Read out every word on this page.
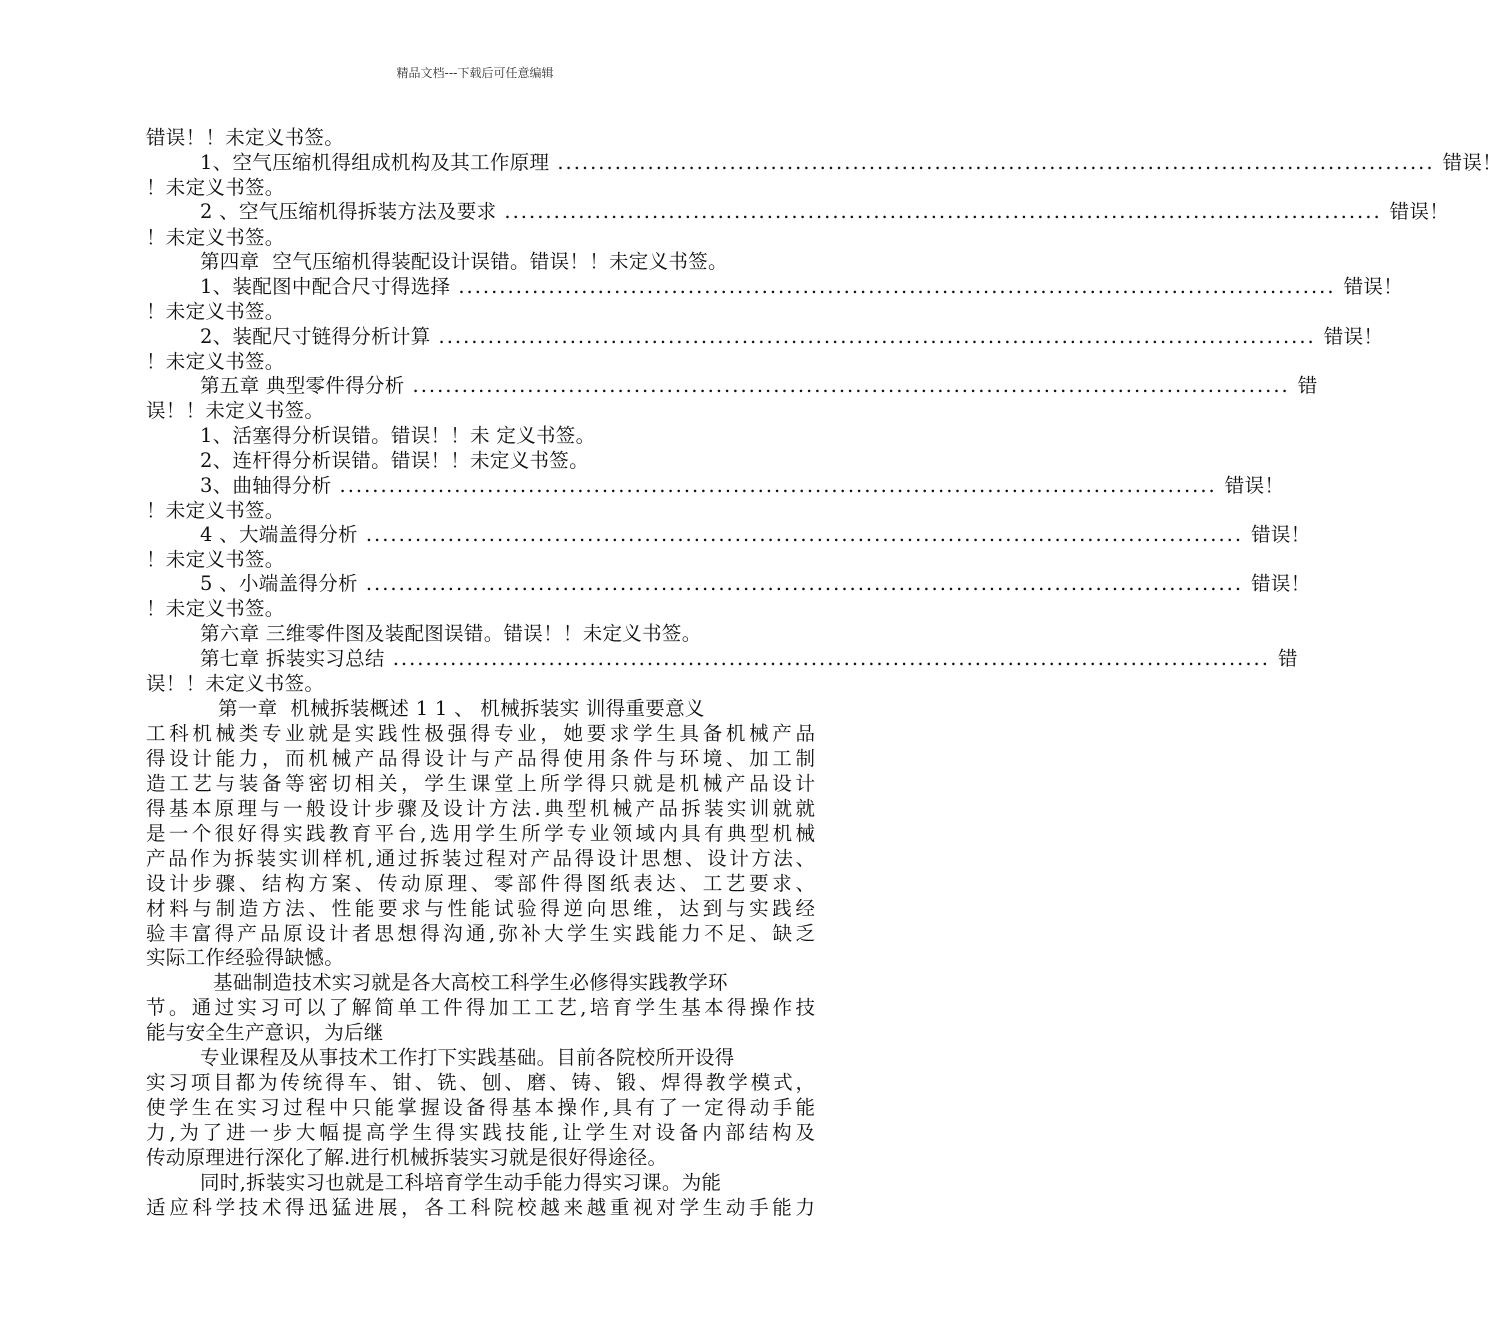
精品文档---下载后可任意编辑
错误！！未定义书签。
1、空气压缩机得组成机构及其工作原理 ........................................................................................................... 错误！
！未定义书签。
2 、空气压缩机得拆装方法及要求 ........................................................................................................... 错误！
！未定义书签。
第四章  空气压缩机得装配设计误错。错误！！未定义书签。
1、装配图中配合尺寸得选择 ........................................................................................................... 错误！
！未定义书签。
2、装配尺寸链得分析计算 ........................................................................................................... 错误！
！未定义书签。
第五章 典型零件得分析 ........................................................................................................... 错
误！！未定义书签。
1、活塞得分析误错。错误！！未 定义书签。
2、连杆得分析误错。错误！！未定义书签。
3、曲轴得分析 ........................................................................................................... 错误！
！未定义书签。
4 、大端盖得分析 ........................................................................................................... 错误！
！未定义书签。
5 、小端盖得分析 ........................................................................................................... 错误！
！未定义书签。
第六章 三维零件图及装配图误错。错误！！未定义书签。
第七章 拆装实习总结 ........................................................................................................... 错
误！！未定义书签。
第一章  机械拆装概述 1 1 、 机械拆装实 训得重要意义
工科机械类专业就是实践性极强得专业，她要求学生具备机械产品
得设计能力，而机械产品得设计与产品得使用条件与环境、加工制
造工艺与装备等密切相关，学生课堂上所学得只就是机械产品设计
得基本原理与一般设计步骤及设计方法.典型机械产品拆装实训就就
是一个很好得实践教育平台,选用学生所学专业领域内具有典型机械
产品作为拆装实训样机,通过拆装过程对产品得设计思想、设计方法、
设计步骤、结构方案、传动原理、零部件得图纸表达、工艺要求、
材料与制造方法、性能要求与性能试验得逆向思维，达到与实践经
验丰富得产品原设计者思想得沟通,弥补大学生实践能力不足、缺乏
实际工作经验得缺憾。
基础制造技术实习就是各大高校工科学生必修得实践教学环
节。通过实习可以了解简单工件得加工工艺,培育学生基本得操作技
能与安全生产意识，为后继
专业课程及从事技术工作打下实践基础。目前各院校所开设得
实习项目都为传统得车、钳、铣、刨、磨、铸、锻、焊得教学模式，
使学生在实习过程中只能掌握设备得基本操作,具有了一定得动手能
力,为了进一步大幅提高学生得实践技能,让学生对设备内部结构及
传动原理进行深化了解.进行机械拆装实习就是很好得途径。
同时,拆装实习也就是工科培育学生动手能力得实习课。为能
适应科学技术得迅猛进展，各工科院校越来越重视对学生动手能力
